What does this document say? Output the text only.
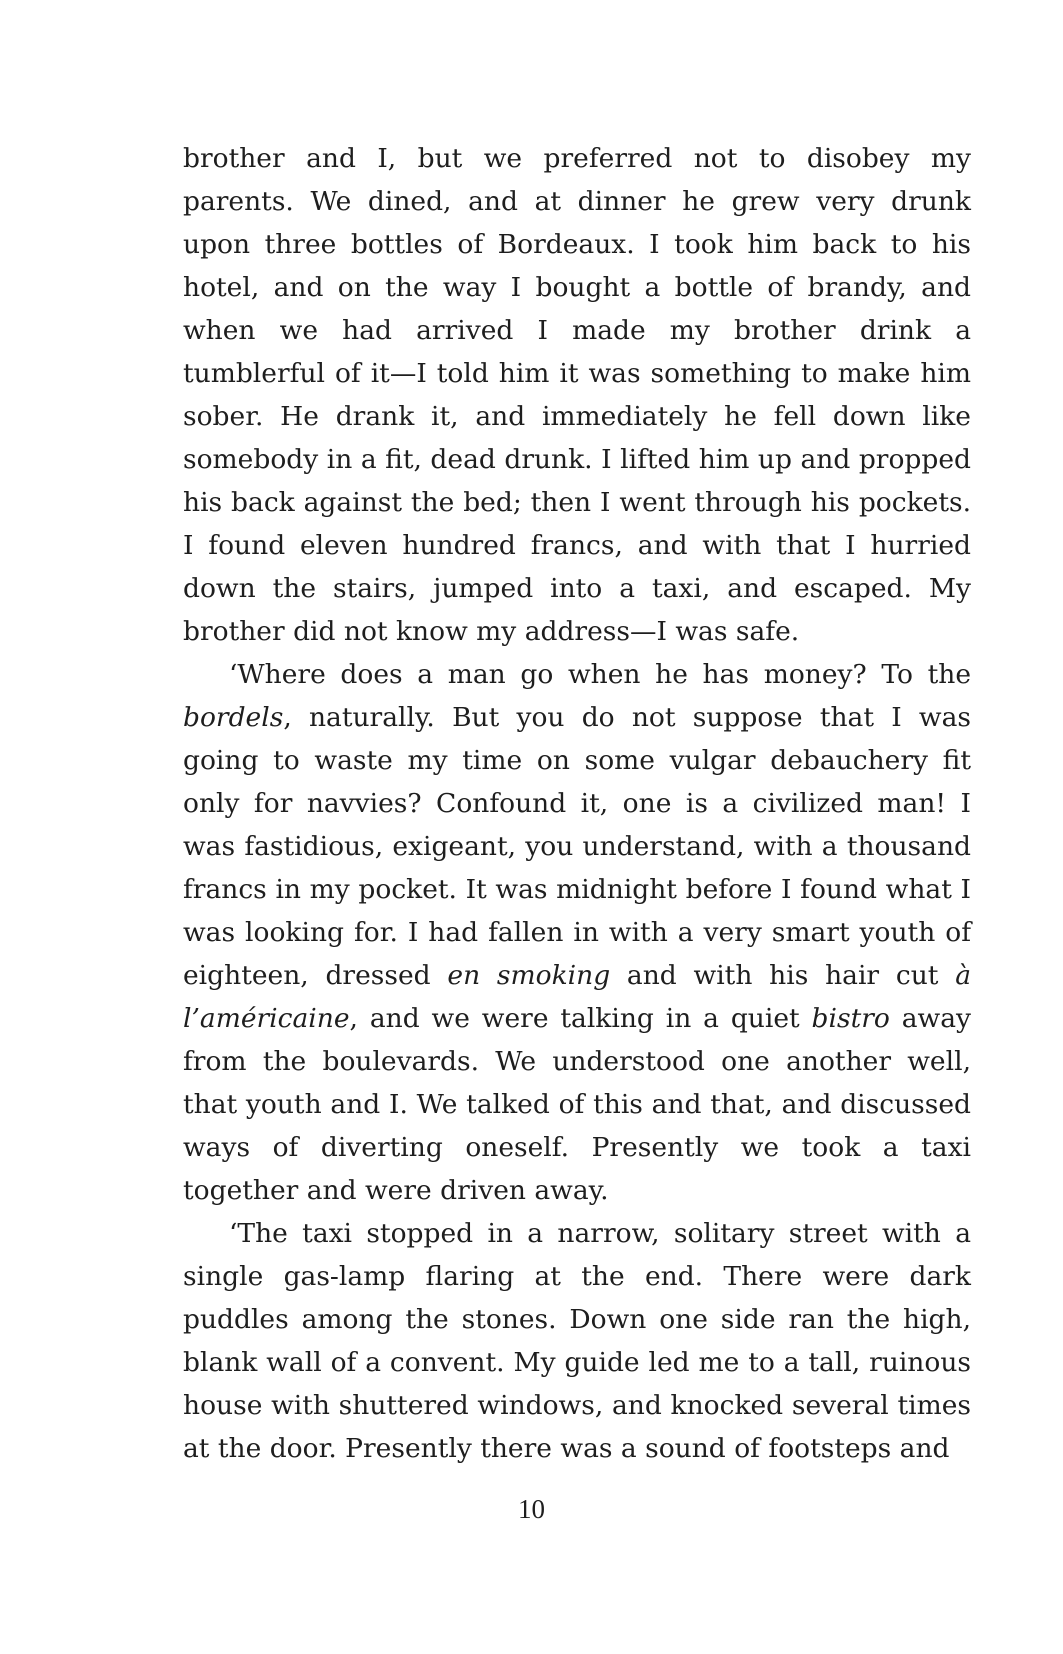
brother and I, but we preferred not to disobey my parents. We dined, and at dinner he grew very drunk upon three bottles of Bordeaux. I took him back to his hotel, and on the way I bought a bottle of brandy, and when we had arrived I made my brother drink a tumblerful of it—I told him it was something to make him sober. He drank it, and immediately he fell down like somebody in a fit, dead drunk. I lifted him up and propped his back against the bed; then I went through his pockets. I found eleven hundred francs, and with that I hurried down the stairs, jumped into a taxi, and escaped. My brother did not know my address—I was safe.

‘Where does a man go when he has money? To the bordels, naturally. But you do not suppose that I was going to waste my time on some vulgar debauchery fit only for navvies? Confound it, one is a civilized man! I was fastidious, exigeant, you understand, with a thousand francs in my pocket. It was midnight before I found what I was looking for. I had fallen in with a very smart youth of eighteen, dressed en smoking and with his hair cut à l’américaine, and we were talking in a quiet bistro away from the boulevards. We understood one another well, that youth and I. We talked of this and that, and discussed ways of diverting oneself. Presently we took a taxi together and were driven away.

‘The taxi stopped in a narrow, solitary street with a single gas-lamp flaring at the end. There were dark puddles among the stones. Down one side ran the high, blank wall of a convent. My guide led me to a tall, ruinous house with shuttered windows, and knocked several times at the door. Presently there was a sound of footsteps and

10
